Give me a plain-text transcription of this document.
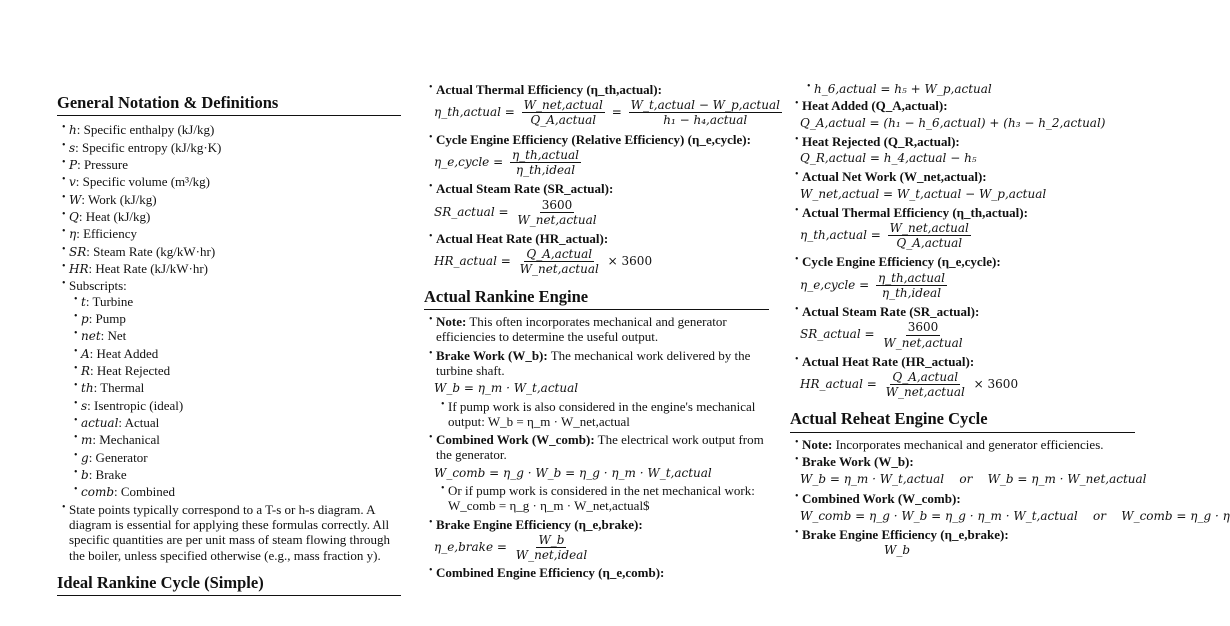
General Notation & Definitions
• h: Specific enthalpy (kJ/kg)
• s: Specific entropy (kJ/kg·K)
• P: Pressure
• v: Specific volume (m³/kg)
• W: Work (kJ/kg)
• Q: Heat (kJ/kg)
• η: Efficiency
• SR: Steam Rate (kg/kW·hr)
• HR: Heat Rate (kJ/kW·hr)
• Subscripts:
• t: Turbine
• p: Pump
• net: Net
• A: Heat Added
• R: Heat Rejected
• th: Thermal
• s: Isentropic (ideal)
• actual: Actual
• m: Mechanical
• g: Generator
• b: Brake
• comb: Combined
• State points typically correspond to a T-s or h-s diagram. A diagram is essential for applying these formulas correctly. All specific quantities are per unit mass of steam flowing through the boiler, unless specified otherwise (e.g., mass fraction y).
Ideal Rankine Cycle (Simple)
• Actual Thermal Efficiency (η_th,actual):
η_th,actual =
W_net,actual
Q_A,actual
=
W_t,actual − W_p,actual
h₁ − h₄,actual
• Cycle Engine Efficiency (Relative Efficiency) (η_e,cycle):
η_e,cycle =
η_th,actual
η_th,ideal
• Actual Steam Rate (SR_actual):
SR_actual =
3600
W_net,actual
• Actual Heat Rate (HR_actual):
HR_actual =
Q_A,actual
W_net,actual
× 3600
Actual Rankine Engine
• Note: This often incorporates mechanical and generator efficiencies to determine the useful output.
• Brake Work (W_b): The mechanical work delivered by the turbine shaft.
W_b = η_m · W_t,actual
• If pump work is also considered in the engine's mechanical output: W_b = η_m · W_net,actual
• Combined Work (W_comb): The electrical work output from the generator.
W_comb = η_g · W_b = η_g · η_m · W_t,actual
• Or if pump work is considered in the net mechanical work: W_comb = η_g · η_m · W_net,actual$
• Brake Engine Efficiency (η_e,brake):
η_e,brake =
W_b
W_net,ideal
• Combined Engine Efficiency (η_e,comb):
• h_6,actual = h₅ + W_p,actual
• Heat Added (Q_A,actual):
Q_A,actual = (h₁ − h_6,actual) + (h₃ − h_2,actual)
• Heat Rejected (Q_R,actual):
Q_R,actual = h_4,actual − h₅
• Actual Net Work (W_net,actual):
W_net,actual = W_t,actual − W_p,actual
• Actual Thermal Efficiency (η_th,actual):
η_th,actual =
W_net,actual
Q_A,actual
• Cycle Engine Efficiency (η_e,cycle):
η_e,cycle =
η_th,actual
η_th,ideal
• Actual Steam Rate (SR_actual):
SR_actual =
3600
W_net,actual
• Actual Heat Rate (HR_actual):
HR_actual =
Q_A,actual
W_net,actual
× 3600
Actual Reheat Engine Cycle
• Note: Incorporates mechanical and generator efficiencies.
• Brake Work (W_b):
W_b = η_m · W_t,actual    or    W_b = η_m · W_net,actual
• Combined Work (W_comb):
W_comb = η_g · W_b = η_g · η_m · W_t,actual    or    W_comb = η_g · η
• Brake Engine Efficiency (η_e,brake):
W_b
